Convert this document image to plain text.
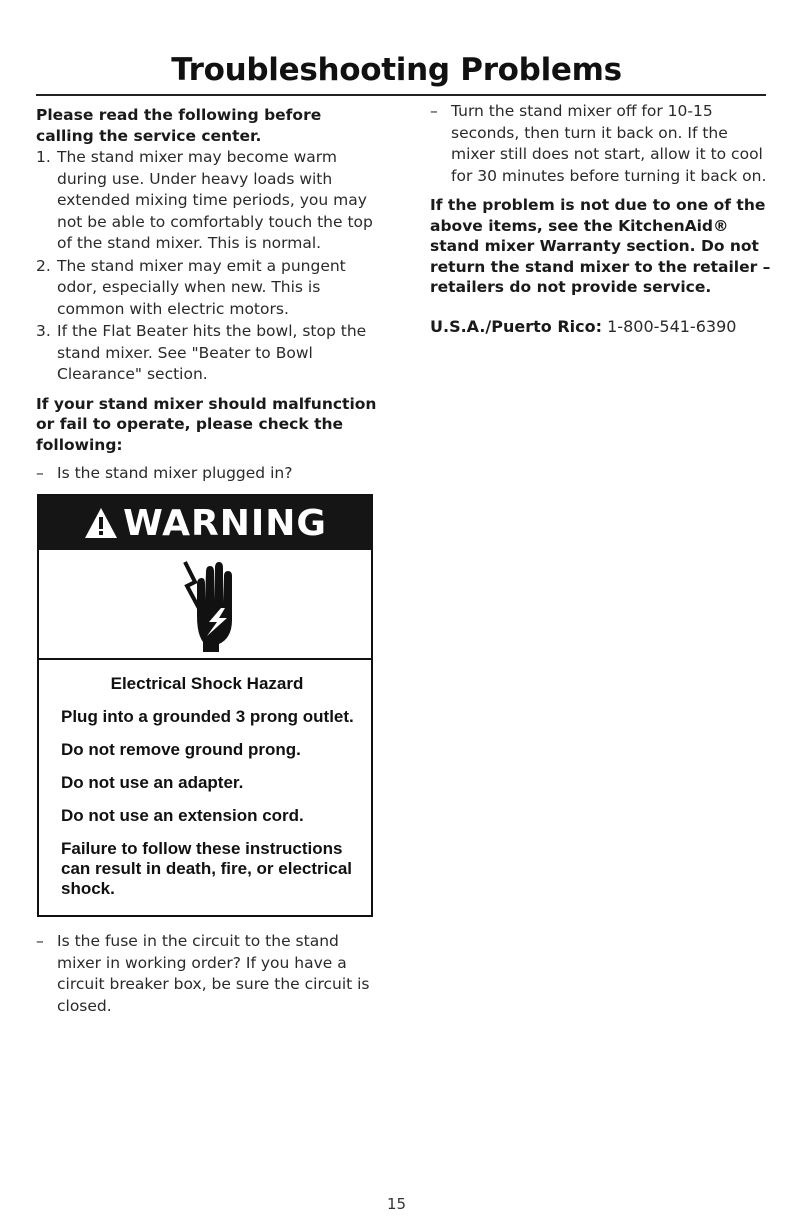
Troubleshooting Problems

Please read the following before calling the service center.

1. The stand mixer may become warm during use. Under heavy loads with extended mixing time periods, you may not be able to comfortably touch the top of the stand mixer. This is normal.
2. The stand mixer may emit a pungent odor, especially when new. This is common with electric motors.
3. If the Flat Beater hits the bowl, stop the stand mixer. See "Beater to Bowl Clearance" section.

If your stand mixer should malfunction or fail to operate, please check the following:

– Is the stand mixer plugged in?

WARNING

Electrical Shock Hazard

Plug into a grounded 3 prong outlet.

Do not remove ground prong.

Do not use an adapter.

Do not use an extension cord.

Failure to follow these instructions can result in death, fire, or electrical shock.

– Is the fuse in the circuit to the stand mixer in working order? If you have a circuit breaker box, be sure the circuit is closed.

– Turn the stand mixer off for 10-15 seconds, then turn it back on. If the mixer still does not start, allow it to cool for 30 minutes before turning it back on.

If the problem is not due to one of the above items, see the KitchenAid® stand mixer Warranty section. Do not return the stand mixer to the retailer – retailers do not provide service.

U.S.A./Puerto Rico: 1-800-541-6390

15
